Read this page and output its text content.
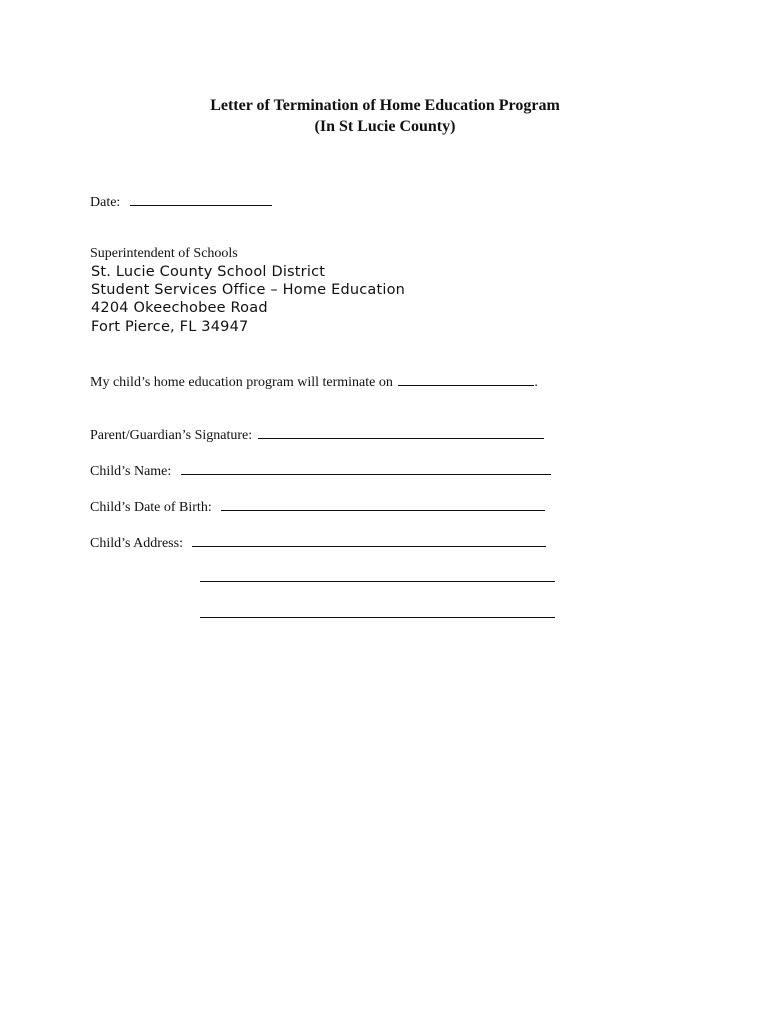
Letter of Termination of Home Education Program
(In St Lucie County)
Date:
Superintendent of Schools
St. Lucie County School District
Student Services Office – Home Education
4204 Okeechobee Road
Fort Pierce, FL 34947
My child’s home education program will terminate on	.
Parent/Guardian’s Signature:
Child’s Name:
Child’s Date of Birth:
Child’s Address:
